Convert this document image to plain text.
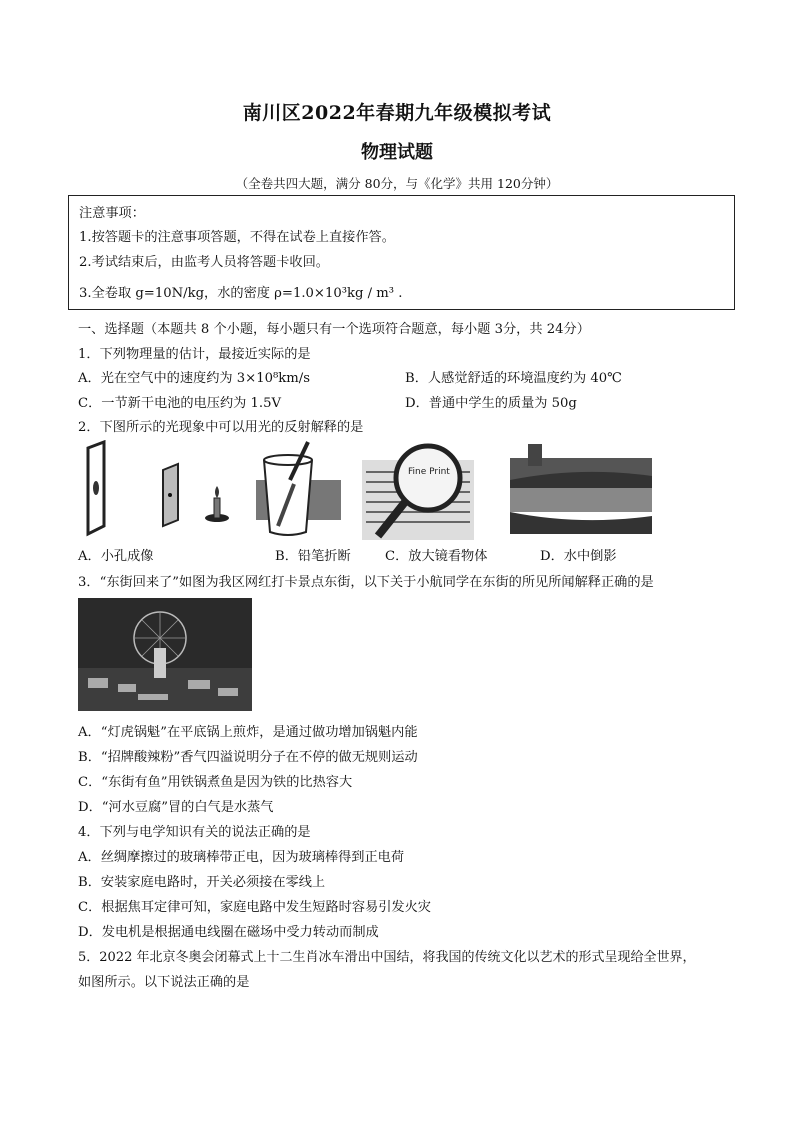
南川区2022年春期九年级模拟考试
物理试题
（全卷共四大题，满分 80分，与《化学》共用 120分钟）
注意事项：
1.按答题卡的注意事项答题，不得在试卷上直接作答。
2.考试结束后，由监考人员将答题卡收回。
3.全卷取 g=10N/kg，水的密度 ρ=1.0×10³kg / m³ .
一、选择题（本题共 8 个小题，每小题只有一个选项符合题意，每小题 3分，共 24分）
1．下列物理量的估计，最接近实际的是
A．光在空气中的速度约为 3×10⁸km/s	B．人感觉舒适的环境温度约为 40℃
C．一节新干电池的电压约为 1.5V	D．普通中学生的质量为 50g
2．下图所示的光现象中可以用光的反射解释的是
Fine Print
A．小孔成像	B．铅笔折断	C．放大镜看物体	D．水中倒影
3．“东街回来了”如图为我区网红打卡景点东街，以下关于小航同学在东街的所见所闻解释正确的是
A．“灯虎锅魁”在平底锅上煎炸，是通过做功增加锅魁内能
B．“招牌酸辣粉”香气四溢说明分子在不停的做无规则运动
C．“东街有鱼”用铁锅煮鱼是因为铁的比热容大
D．“河水豆腐”冒的白气是水蒸气
4．下列与电学知识有关的说法正确的是
A．丝绸摩擦过的玻璃棒带正电，因为玻璃棒得到正电荷
B．安装家庭电路时，开关必须接在零线上
C．根据焦耳定律可知，家庭电路中发生短路时容易引发火灾
D．发电机是根据通电线圈在磁场中受力转动而制成
5．2022 年北京冬奥会闭幕式上十二生肖冰车滑出中国结，将我国的传统文化以艺术的形式呈现给全世界，
如图所示。以下说法正确的是
